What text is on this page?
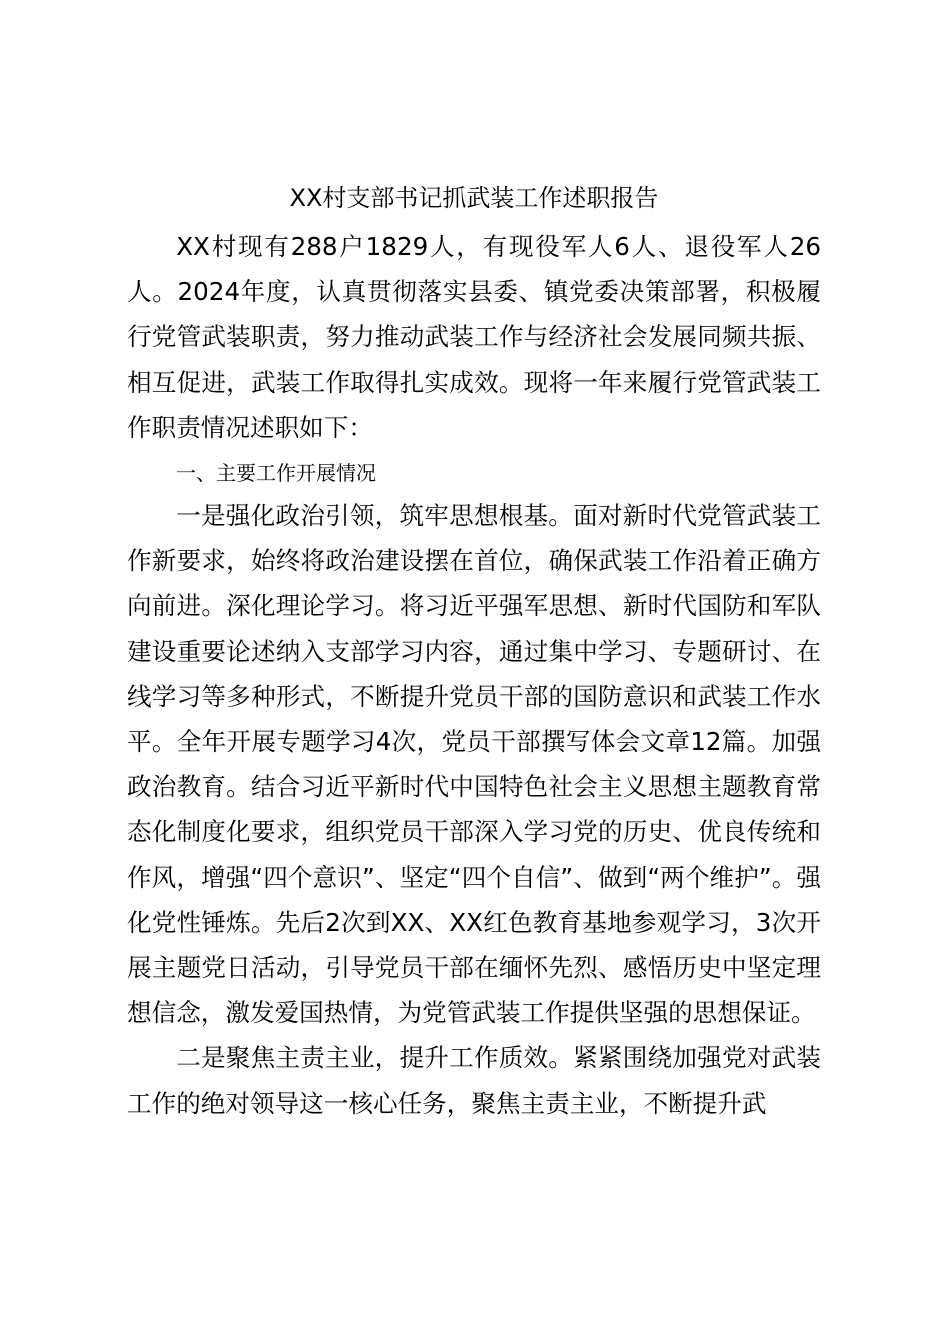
XX村支部书记抓武装工作述职报告

XX村现有288户1829人，有现役军人6人、退役军人26人。2024年度，认真贯彻落实县委、镇党委决策部署，积极履行党管武装职责，努力推动武装工作与经济社会发展同频共振、相互促进，武装工作取得扎实成效。现将一年来履行党管武装工作职责情况述职如下：

一、主要工作开展情况

一是强化政治引领，筑牢思想根基。面对新时代党管武装工作新要求，始终将政治建设摆在首位，确保武装工作沿着正确方向前进。深化理论学习。将习近平强军思想、新时代国防和军队建设重要论述纳入支部学习内容，通过集中学习、专题研讨、在线学习等多种形式，不断提升党员干部的国防意识和武装工作水平。全年开展专题学习4次，党员干部撰写体会文章12篇。加强政治教育。结合习近平新时代中国特色社会主义思想主题教育常态化制度化要求，组织党员干部深入学习党的历史、优良传统和作风，增强“四个意识”、坚定“四个自信”、做到“两个维护”。强化党性锤炼。先后2次到XX、XX红色教育基地参观学习，3次开展主题党日活动，引导党员干部在缅怀先烈、感悟历史中坚定理想信念，激发爱国热情，为党管武装工作提供坚强的思想保证。

二是聚焦主责主业，提升工作质效。紧紧围绕加强党对武装工作的绝对领导这一核心任务，聚焦主责主业，不断提升武
